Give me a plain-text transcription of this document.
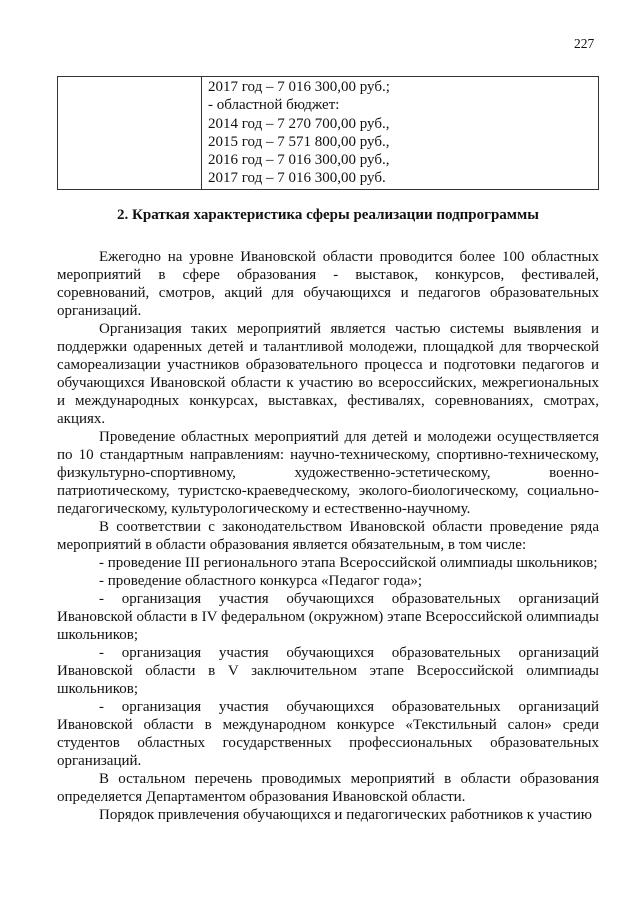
227

2017 год – 7 016 300,00 руб.;
- областной бюджет:
2014 год – 7 270 700,00 руб.,
2015 год – 7 571 800,00 руб.,
2016 год – 7 016 300,00 руб.,
2017 год – 7 016 300,00 руб.
2. Краткая характеристика сферы реализации подпрограммы

Ежегодно на уровне Ивановской области проводится более 100 областных мероприятий в сфере образования - выставок, конкурсов, фестивалей, соревнований, смотров, акций для обучающихся и педагогов образовательных организаций.

Организация таких мероприятий является частью системы выявления и поддержки одаренных детей и талантливой молодежи, площадкой для творческой самореализации участников образовательного процесса и подготовки педагогов и обучающихся Ивановской области к участию во всероссийских, межрегиональных и международных конкурсах, выставках, фестивалях, соревнованиях, смотрах, акциях.

Проведение областных мероприятий для детей и молодежи осуществляется по 10 стандартным направлениям: научно-техническому, спортивно-техническому, физкультурно-спортивному, художественно-эстетическому, военно-патриотическому, туристско-краеведческому, эколого-биологическому, социально-педагогическому, культурологическому и естественно-научному.

В соответствии с законодательством Ивановской области проведение ряда мероприятий в области образования является обязательным, в том числе:

- проведение III регионального этапа Всероссийской олимпиады школьников;

- проведение областного конкурса «Педагог года»;

- организация участия обучающихся образовательных организаций Ивановской области в IV федеральном (окружном) этапе Всероссийской олимпиады школьников;

- организация участия обучающихся образовательных организаций Ивановской области в V заключительном этапе Всероссийской олимпиады школьников;

- организация участия обучающихся образовательных организаций Ивановской области в международном конкурсе «Текстильный салон» среди студентов областных государственных профессиональных образовательных организаций.

В остальном перечень проводимых мероприятий в области образования определяется Департаментом образования Ивановской области.

Порядок привлечения обучающихся и педагогических работников к участию
